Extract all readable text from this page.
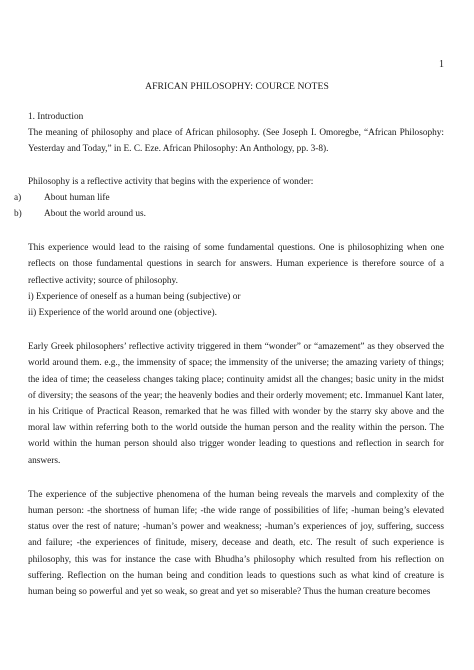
1
AFRICAN PHILOSOPHY: COURCE NOTES
1. Introduction

The meaning of philosophy and place of African philosophy. (See Joseph I. Omoregbe, “African Philosophy: Yesterday and Today,” in E. C. Eze. African Philosophy: An Anthology, pp. 3-8).

Philosophy is a reflective activity that begins with the experience of wonder:

a) About human life
b) About the world around us.

This experience would lead to the raising of some fundamental questions. One is philosophizing when one reflects on those fundamental questions in search for answers. Human experience is therefore source of a reflective activity; source of philosophy.

i) Experience of oneself as a human being (subjective) or
ii) Experience of the world around one (objective).

Early Greek philosophers’ reflective activity triggered in them “wonder” or “amazement” as they observed the world around them. e.g., the immensity of space; the immensity of the universe; the amazing variety of things; the idea of time; the ceaseless changes taking place; continuity amidst all the changes; basic unity in the midst of diversity; the seasons of the year; the heavenly bodies and their orderly movement; etc. Immanuel Kant later, in his Critique of Practical Reason, remarked that he was filled with wonder by the starry sky above and the moral law within referring both to the world outside the human person and the reality within the person. The world within the human person should also trigger wonder leading to questions and reflection in search for answers.

The experience of the subjective phenomena of the human being reveals the marvels and complexity of the human person: -the shortness of human life; -the wide range of possibilities of life; -human being’s elevated status over the rest of nature; -human’s power and weakness; -human’s experiences of joy, suffering, success and failure; -the experiences of finitude, misery, decease and death, etc. The result of such experience is philosophy, this was for instance the case with Bhudha’s philosophy which resulted from his reflection on suffering. Reflection on the human being and condition leads to questions such as what kind of creature is human being so powerful and yet so weak, so great and yet so miserable? Thus the human creature becomes
